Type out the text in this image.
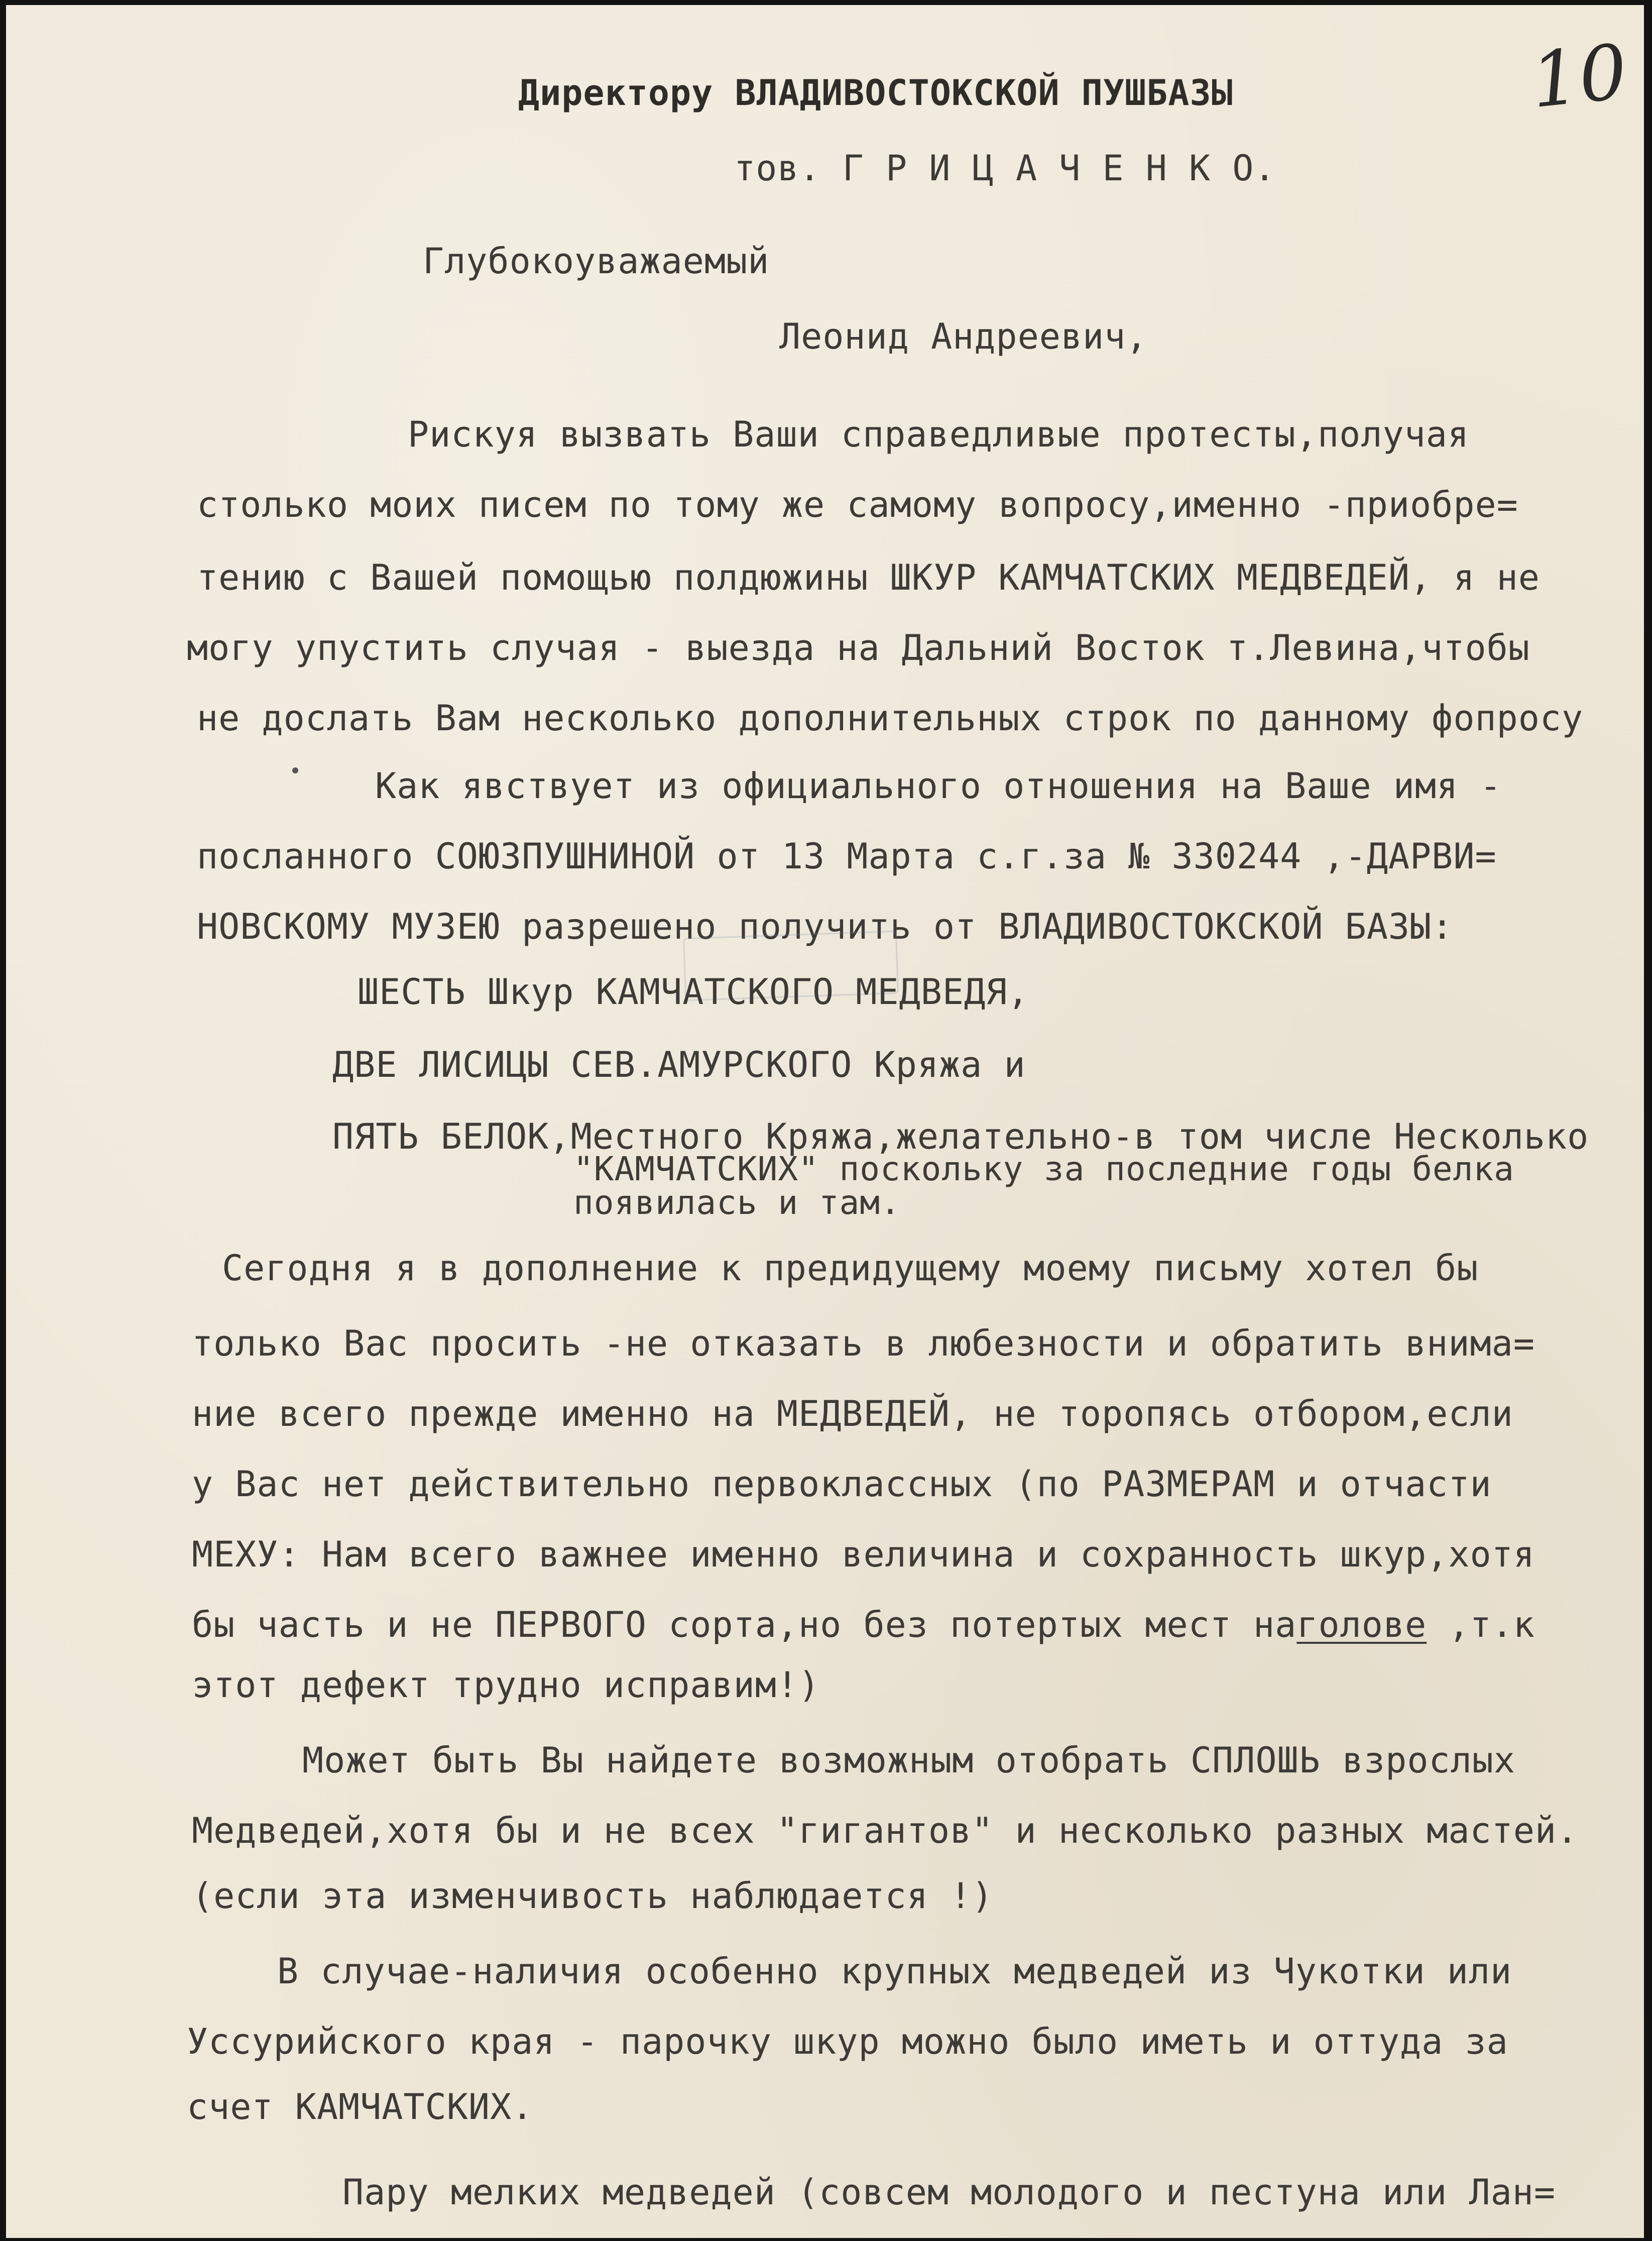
10
Директору ВЛАДИВОСТОКСКОЙ ПУШБАЗЫ
тов. Г Р И Ц А Ч Е Н К О.
Глубокоуважаемый
Леонид Андреевич,
Рискуя вызвать Ваши справедливые протесты,получая
столько моих писем по тому же самому вопросу,именно -приобре=
тению с Вашей помощью полдюжины ШКУР КАМЧАТСКИХ МЕДВЕДЕЙ, я не
могу упустить случая - выезда на Дальний Восток т.Левина,чтобы
не дослать Вам несколько дополнительных строк по данному фопросу
Как явствует из официального отношения на Ваше имя -
посланного СОЮЗПУШНИНОЙ от 13 Марта с.г.за № 330244 ,-ДАРВИ=
НОВСКОМУ МУЗЕЮ разрешено получить от ВЛАДИВОСТОКСКОЙ БАЗЫ:
ШЕСТЬ Шкур КАМЧАТСКОГО МЕДВЕДЯ,
ДВЕ ЛИСИЦЫ СЕВ.АМУРСКОГО Кряжа и
ПЯТЬ БЕЛОК,Местного Кряжа,желательно-в том числе Несколько
"КАМЧАТСКИХ" поскольку за последние годы белка
появилась и там.
Сегодня я в дополнение к предидущему моему письму хотел бы
только Вас просить -не отказать в любезности и обратить внима=
ние всего прежде именно на МЕДВЕДЕЙ, не торопясь отбором,если
у Вас нет действительно первоклассных (по РАЗМЕРАМ и отчасти
МЕХУ: Нам всего важнее именно величина и сохранность шкур,хотя
бы часть и не ПЕРВОГО сорта,но без потертых мест наголове ,т.к
этот дефект трудно исправим!)
Может быть Вы найдете возможным отобрать СПЛОШЬ взрослых
Медведей,хотя бы и не всех "гигантов" и несколько разных мастей.
(если эта изменчивость наблюдается !)
В случае-наличия особенно крупных медведей из Чукотки или
Уссурийского края - парочку шкур можно было иметь и оттуда за
счет КАМЧАТСКИХ.
Пару мелких медведей (совсем молодого и пестуна или Лан=
